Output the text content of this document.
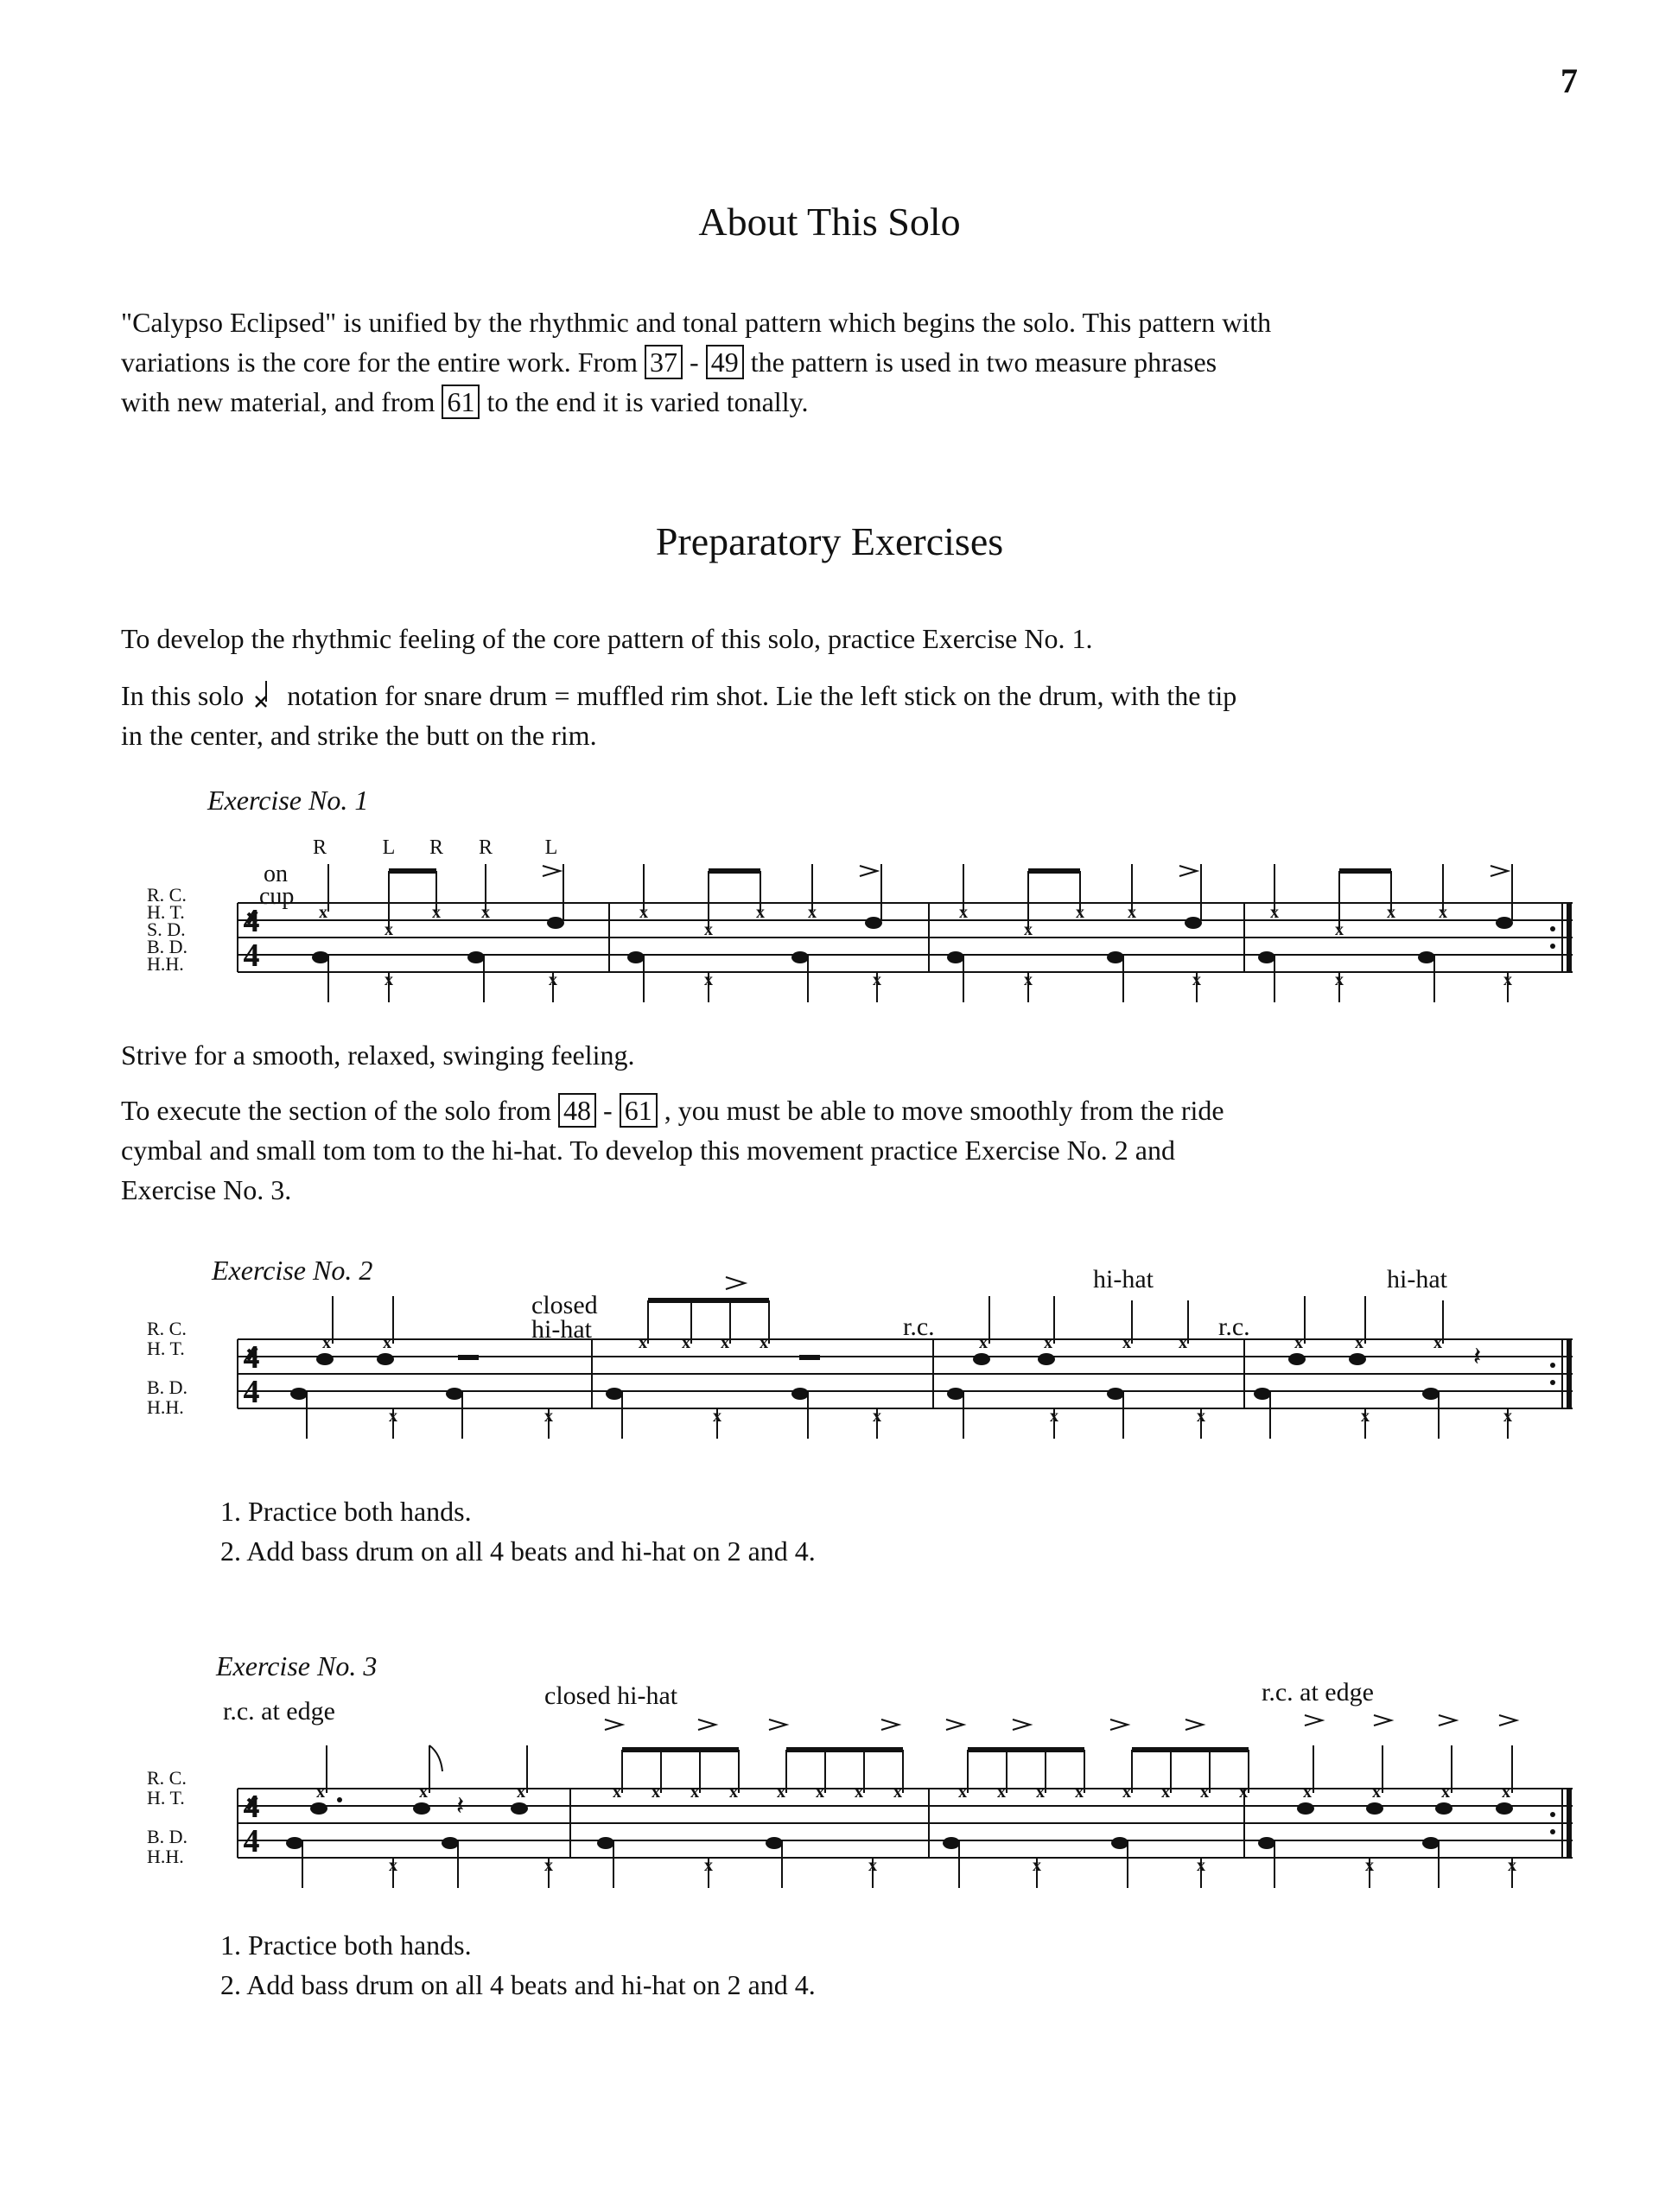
7
About This Solo

"Calypso Eclipsed" is unified by the rhythmic and tonal pattern which begins the solo. This pattern with
variations is the core for the entire work. From 37 - 49 the pattern is used in two measure phrases
with new material, and from 61 to the end it is varied tonally.

Preparatory Exercises

To develop the rhythmic feeling of the core pattern of this solo, practice Exercise No. 1.

In this solo notation for snare drum = muffled rim shot. Lie the left stick on the drum, with the tip
in the center, and strike the butt on the rim.

Exercise No. 1
4
4
R. C.
H. T.
S. D.
B. D.
H.H.
R	L R R	L
on
cup
x	x x
x
x	x	x
x
x	x	x
x
x	x	x
x
x	x	x	x	x	x	x	x

Strive for a smooth, relaxed, swinging feeling.

To execute the section of the solo from 48 - 61 , you must be able to move smoothly from the ride
cymbal and small tom tom to the hi-hat. To develop this movement practice Exercise No. 2 and
Exercise No. 3.

Exercise No. 2
closed
hi-hat	r.c.	r.c.
hi-hat	hi-hat
R. C.
H. T.
B. D.
H.H.
𝄽
4
4
x	x	x x x x	x	x	x	x	x	x	x
x	x	x	x	x	x	x	x
1. Practice both hands.
2. Add bass drum on all 4 beats and hi-hat on 2 and 4.
Exercise No. 3
r.c. at edge
closed hi-hat	r.c. at edge
R. C.
H. T.
B. D.
H.H.
𝄽
4
4
x	x	x	x x x x x x x x	x x x x x x x x	x	x	x	x
x	x	x	x	x	x	x	x
1. Practice both hands.
2. Add bass drum on all 4 beats and hi-hat on 2 and 4.
